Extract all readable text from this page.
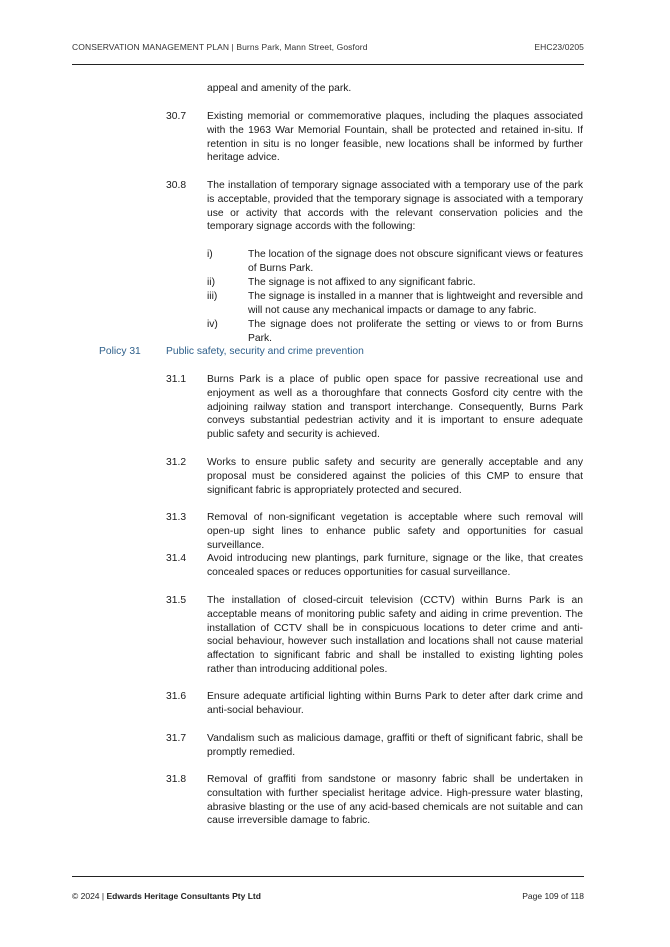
CONSERVATION MANAGEMENT PLAN | Burns Park, Mann Street, Gosford	EHC23/0205
appeal and amenity of the park.
30.7 Existing memorial or commemorative plaques, including the plaques associated with the 1963 War Memorial Fountain, shall be protected and retained in-situ. If retention in situ is no longer feasible, new locations shall be informed by further heritage advice.
30.8 The installation of temporary signage associated with a temporary use of the park is acceptable, provided that the temporary signage is associated with a temporary use or activity that accords with the relevant conservation policies and the temporary signage accords with the following:
i)	The location of the signage does not obscure significant views or features of Burns Park.
ii)	The signage is not affixed to any significant fabric.
iii)	The signage is installed in a manner that is lightweight and reversible and will not cause any mechanical impacts or damage to any fabric.
iv)	The signage does not proliferate the setting or views to or from Burns Park.
Policy 31 Public safety, security and crime prevention
31.1 Burns Park is a place of public open space for passive recreational use and enjoyment as well as a thoroughfare that connects Gosford city centre with the adjoining railway station and transport interchange. Consequently, Burns Park conveys substantial pedestrian activity and it is important to ensure adequate public safety and security is achieved.
31.2 Works to ensure public safety and security are generally acceptable and any proposal must be considered against the policies of this CMP to ensure that significant fabric is appropriately protected and secured.
31.3 Removal of non-significant vegetation is acceptable where such removal will open-up sight lines to enhance public safety and opportunities for casual surveillance.
31.4 Avoid introducing new plantings, park furniture, signage or the like, that creates concealed spaces or reduces opportunities for casual surveillance.
31.5 The installation of closed-circuit television (CCTV) within Burns Park is an acceptable means of monitoring public safety and aiding in crime prevention. The installation of CCTV shall be in conspicuous locations to deter crime and anti-social behaviour, however such installation and locations shall not cause material affectation to significant fabric and shall be installed to existing lighting poles rather than introducing additional poles.
31.6 Ensure adequate artificial lighting within Burns Park to deter after dark crime and anti-social behaviour.
31.7 Vandalism such as malicious damage, graffiti or theft of significant fabric, shall be promptly remedied.
31.8 Removal of graffiti from sandstone or masonry fabric shall be undertaken in consultation with further specialist heritage advice. High-pressure water blasting, abrasive blasting or the use of any acid-based chemicals are not suitable and can cause irreversible damage to fabric.
© 2024 | Edwards Heritage Consultants Pty Ltd	Page 109 of 118
